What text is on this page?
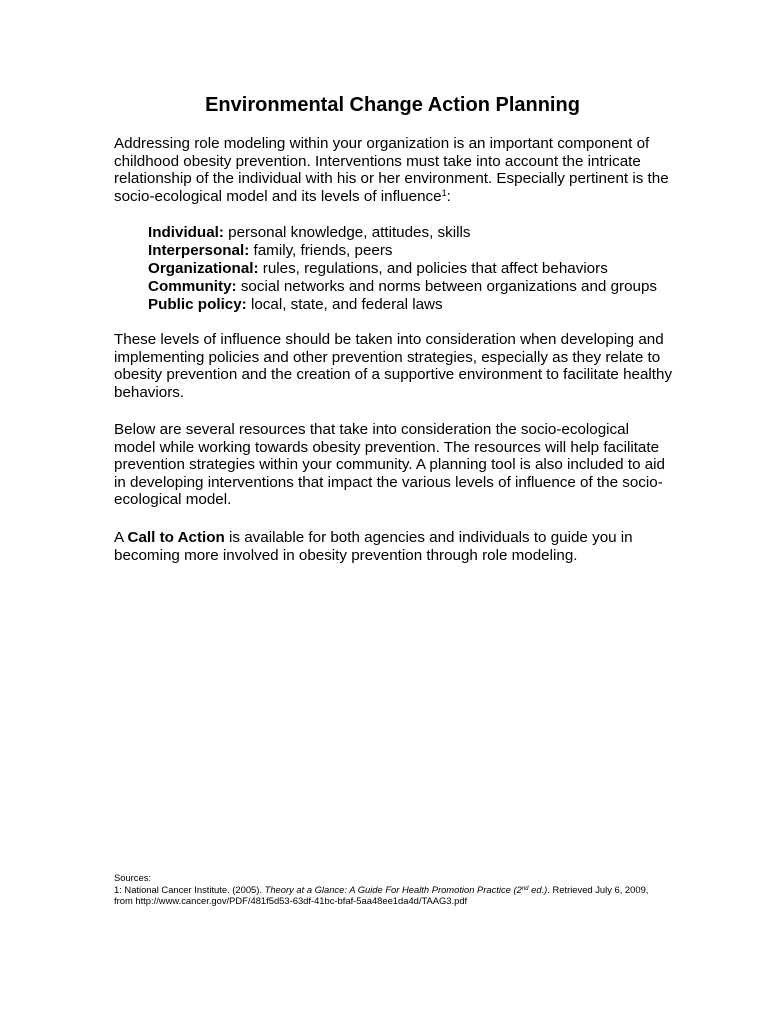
Environmental Change Action Planning

Addressing role modeling within your organization is an important component of childhood obesity prevention. Interventions must take into account the intricate relationship of the individual with his or her environment. Especially pertinent is the socio-ecological model and its levels of influence$^1$:

Individual: personal knowledge, attitudes, skills
Interpersonal: family, friends, peers
Organizational: rules, regulations, and policies that affect behaviors
Community: social networks and norms between organizations and groups
Public policy: local, state, and federal laws

These levels of influence should be taken into consideration when developing and implementing policies and other prevention strategies, especially as they relate to obesity prevention and the creation of a supportive environment to facilitate healthy behaviors.

Below are several resources that take into consideration the socio-ecological model while working towards obesity prevention. The resources will help facilitate prevention strategies within your community. A planning tool is also included to aid in developing interventions that impact the various levels of influence of the socio-ecological model.

A Call to Action is available for both agencies and individuals to guide you in becoming more involved in obesity prevention through role modeling.

Sources:

1: National Cancer Institute. (2005). Theory at a Glance: A Guide For Health Promotion Practice (2nd ed.). Retrieved July 6, 2009, from http://www.cancer.gov/PDF/481f5d53-63df-41bc-bfaf-5aa48ee1da4d/TAAG3.pdf
